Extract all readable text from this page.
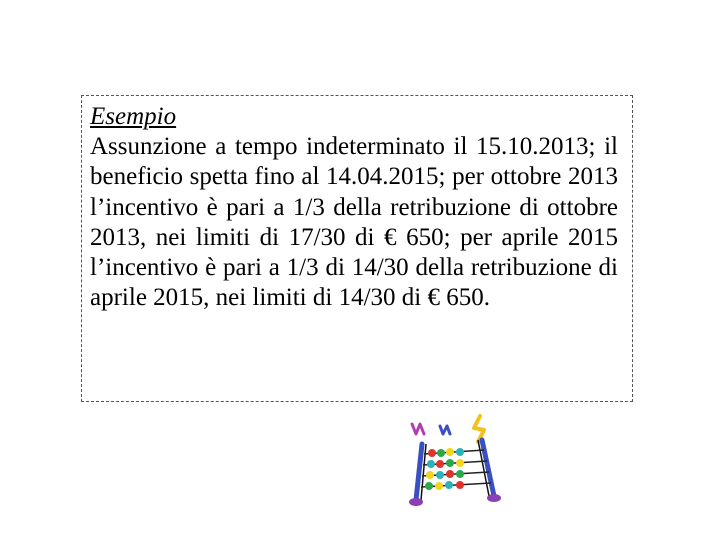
Esempio

Assunzione a tempo indeterminato il 15.10.2013; il beneficio spetta fino al 14.04.2015; per ottobre 2013 l’incentivo è pari a 1/3 della retribuzione di ottobre 2013, nei limiti di 17/30 di € 650; per aprile 2015 l’incentivo è pari a 1/3 di 14/30 della retribuzione di aprile 2015, nei limiti di 14/30 di € 650.
